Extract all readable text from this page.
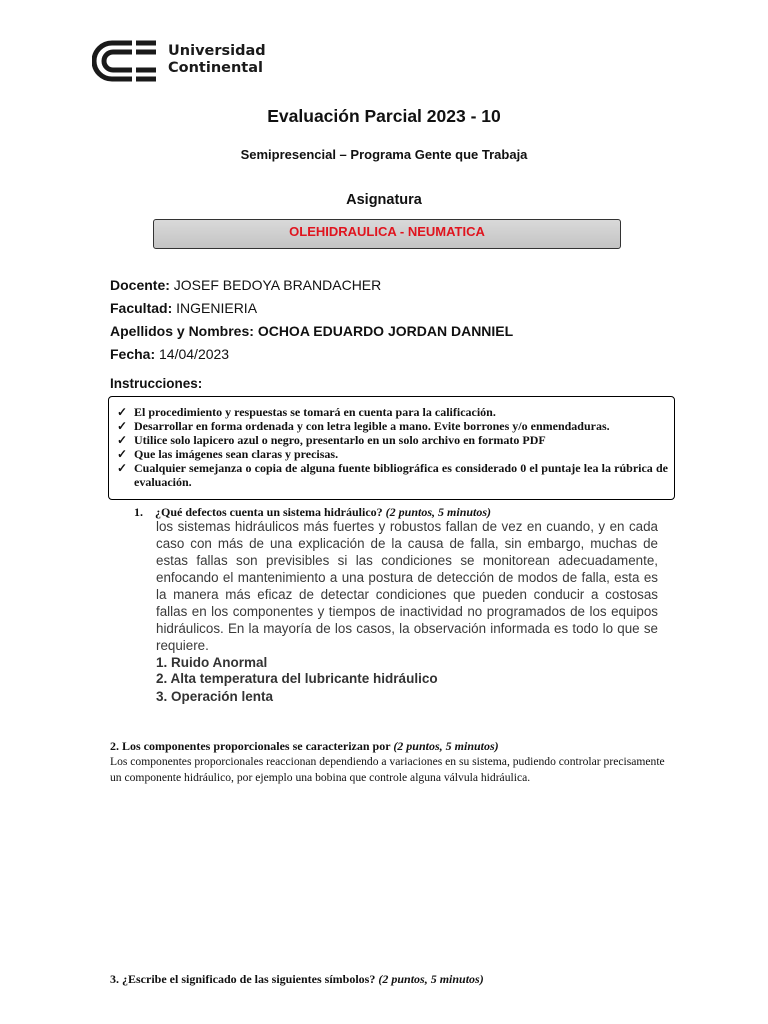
Universidad
Continental
Evaluación Parcial 2023 - 10
Semipresencial – Programa Gente que Trabaja
Asignatura
OLEHIDRAULICA - NEUMATICA
Docente: JOSEF BEDOYA BRANDACHER
Facultad: INGENIERIA
Apellidos y Nombres: OCHOA EDUARDO JORDAN DANNIEL
Fecha: 14/04/2023
Instrucciones:
✓ El procedimiento y respuestas se tomará en cuenta para la calificación.
✓ Desarrollar en forma ordenada y con letra legible a mano. Evite borrones y/o enmendaduras.
✓ Utilice solo lapicero azul o negro, presentarlo en un solo archivo en formato PDF
✓ Que las imágenes sean claras y precisas.
✓ Cualquier semejanza o copia de alguna fuente bibliográfica es considerado 0 el puntaje lea la rúbrica de evaluación.
1. ¿Qué defectos cuenta un sistema hidráulico? (2 puntos, 5 minutos)
los sistemas hidráulicos más fuertes y robustos fallan de vez en cuando, y en cada caso con más de una explicación de la causa de falla, sin embargo, muchas de estas fallas son previsibles si las condiciones se monitorean adecuadamente, enfocando el mantenimiento a una postura de detección de modos de falla, esta es la manera más eficaz de detectar condiciones que pueden conducir a costosas fallas en los componentes y tiempos de inactividad no programados de los equipos hidráulicos. En la mayoría de los casos, la observación informada es todo lo que se requiere.
1. Ruido Anormal
2. Alta temperatura del lubricante hidráulico
3. Operación lenta
2. Los componentes proporcionales se caracterizan por (2 puntos, 5 minutos)
Los componentes proporcionales reaccionan dependiendo a variaciones en su sistema, pudiendo controlar precisamente un componente hidráulico, por ejemplo una bobina que controle alguna válvula hidráulica.
3. ¿Escribe el significado de las siguientes símbolos? (2 puntos, 5 minutos)
